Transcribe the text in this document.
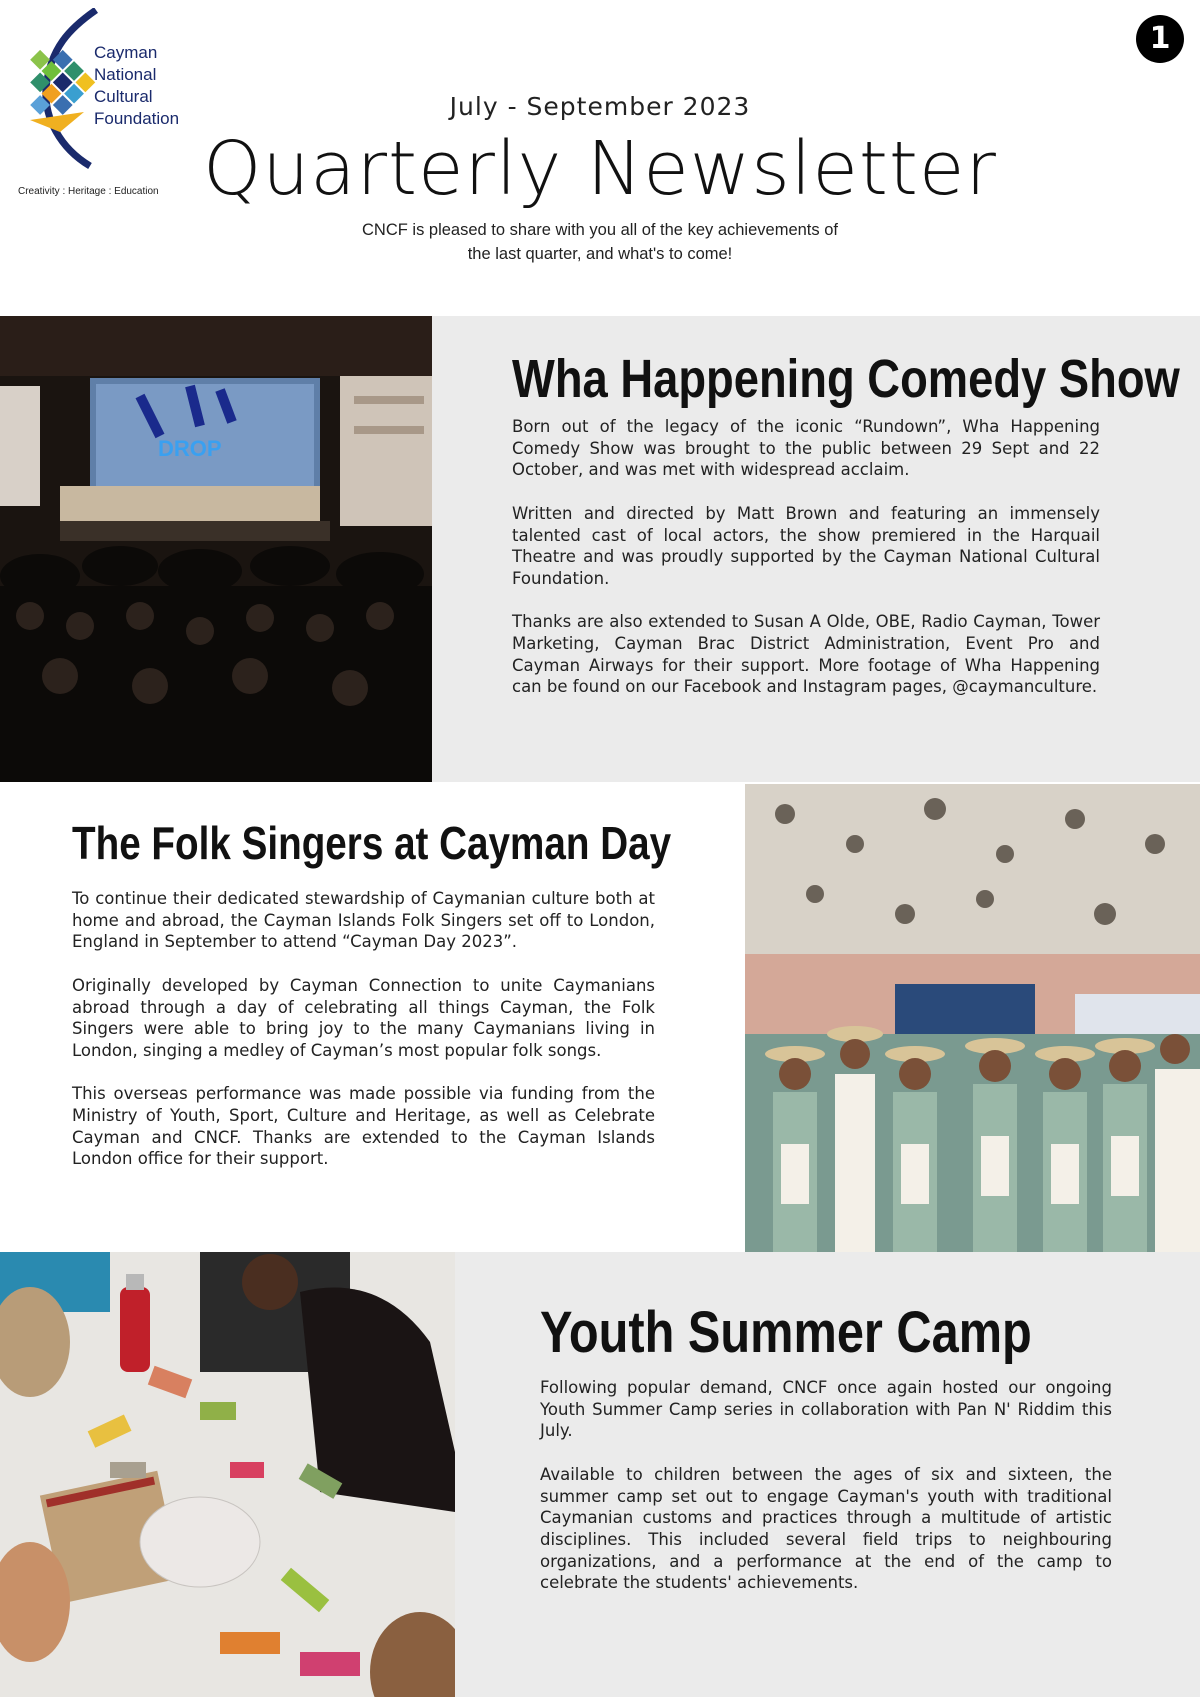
Cayman
National
Cultural
Foundation
Creativity : Heritage : Education
1
July - September 2023
Quarterly Newsletter
CNCF is pleased to share with you all of the key achievements of
the last quarter, and what's to come!
DROP
Wha Happening Comedy Show

Born out of the legacy of the iconic “Rundown”, Wha Happening Comedy Show was brought to the public between 29 Sept and 22 October, and was met with widespread acclaim.

Written and directed by Matt Brown and featuring an immensely talented cast of local actors, the show premiered in the Harquail Theatre and was proudly supported by the Cayman National Cultural Foundation.

Thanks are also extended to Susan A Olde, OBE, Radio Cayman, Tower Marketing, Cayman Brac District Administration, Event Pro and Cayman Airways for their support. More footage of Wha Happening can be found on our Facebook and Instagram pages, @caymanculture.

The Folk Singers at Cayman Day

To continue their dedicated stewardship of Caymanian culture both at home and abroad, the Cayman Islands Folk Singers set off to London, England in September to attend “Cayman Day 2023”.

Originally developed by Cayman Connection to unite Caymanians abroad through a day of celebrating all things Cayman, the Folk Singers were able to bring joy to the many Caymanians living in London, singing a medley of Cayman’s most popular folk songs.

This overseas performance was made possible via funding from the Ministry of Youth, Sport, Culture and Heritage, as well as Celebrate Cayman and CNCF. Thanks are extended to the Cayman Islands London office for their support.

Youth Summer Camp

Following popular demand, CNCF once again hosted our ongoing Youth Summer Camp series in collaboration with Pan N' Riddim this July.

Available to children between the ages of six and sixteen, the summer camp set out to engage Cayman's youth with traditional Caymanian customs and practices through a multitude of artistic disciplines. This included several field trips to neighbouring organizations, and a performance at the end of the camp to celebrate the students' achievements.
